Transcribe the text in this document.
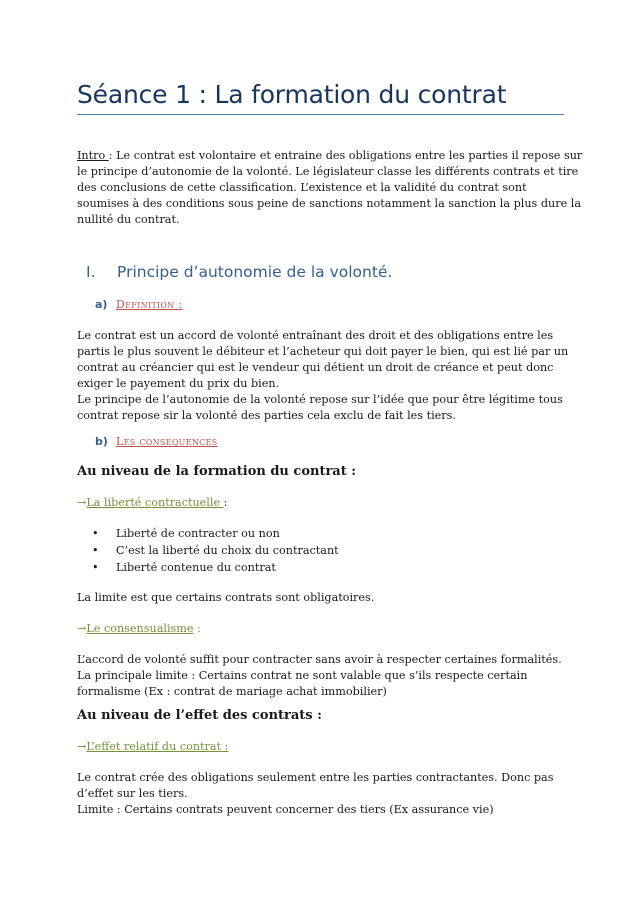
Séance 1 : La formation du contrat

Intro : Le contrat est volontaire et entraine des obligations entre les parties il repose sur
le principe d’autonomie de la volonté. Le législateur classe les différents contrats et tire
des conclusions de cette classification. L’existence et la validité du contrat sont
soumises à des conditions sous peine de sanctions notamment la sanction la plus dure la
nullité du contrat.

I. Principe d’autonomie de la volonté.
a) Definition :

Le contrat est un accord de volonté entraînant des droit et des obligations entre les
partis le plus souvent le débiteur et l’acheteur qui doit payer le bien, qui est lié par un
contrat au créancier qui est le vendeur qui détient un droit de créance et peut donc
exiger le payement du prix du bien.
Le principe de l’autonomie de la volonté repose sur l’idée que pour être légitime tous
contrat repose sir la volonté des parties cela exclu de fait les tiers.

b) Les consequences
Au niveau de la formation du contrat :
→La liberté contractuelle :
• Liberté de contracter ou non
• C’est la liberté du choix du contractant
• Liberté contenue du contrat
La limite est que certains contrats sont obligatoires.
→Le consensualisme :

L’accord de volonté suffit pour contracter sans avoir à respecter certaines formalités.
La principale limite : Certains contrat ne sont valable que s’ils respecte certain
formalisme (Ex : contrat de mariage achat immobilier)

Au niveau de l’effet des contrats :
→L’effet relatif du contrat :

Le contrat crée des obligations seulement entre les parties contractantes. Donc pas
d’effet sur les tiers.
Limite : Certains contrats peuvent concerner des tiers (Ex assurance vie)
